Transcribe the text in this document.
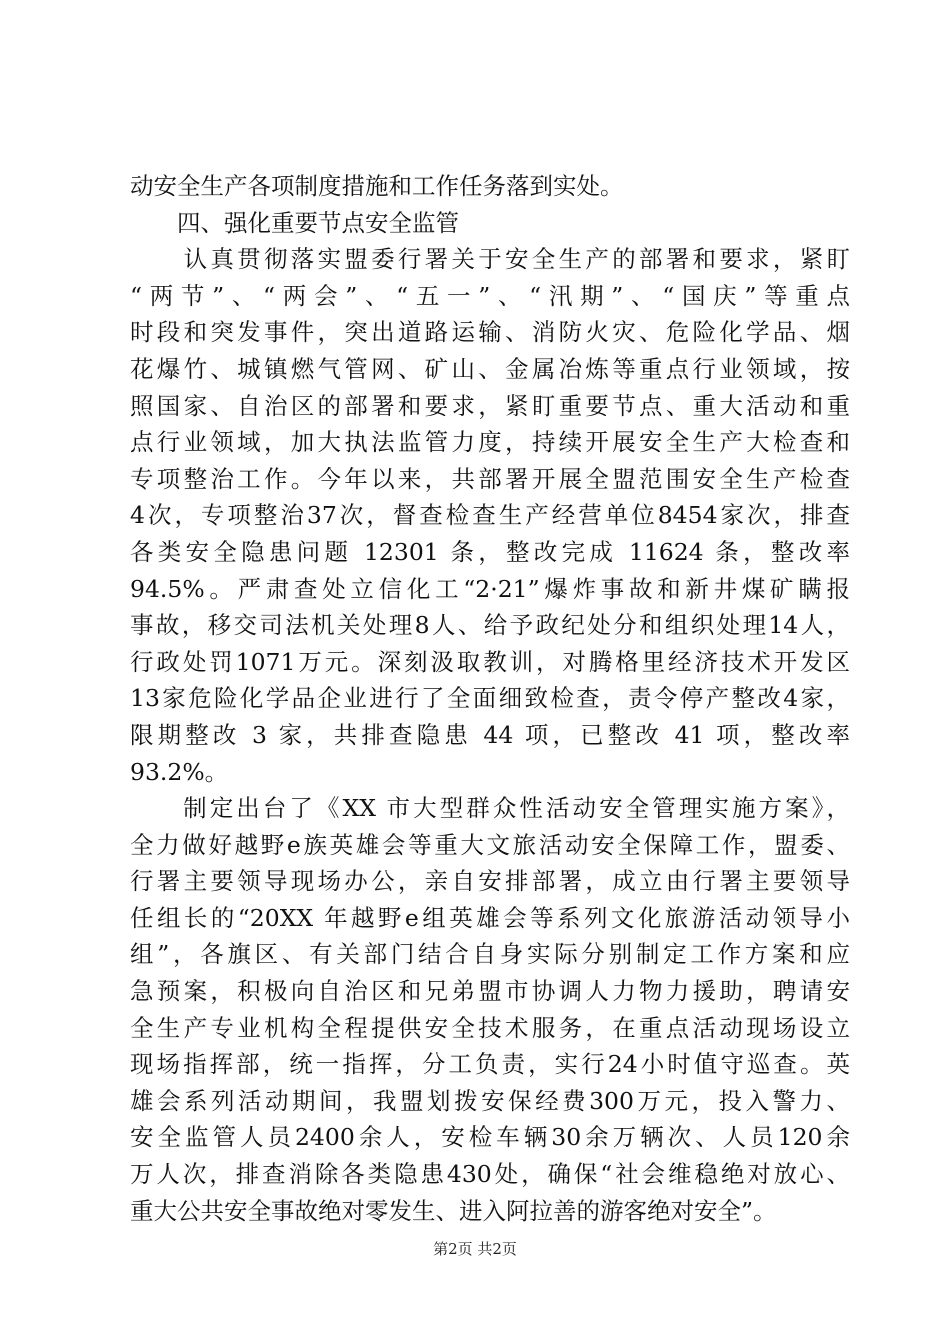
动安全生产各项制度措施和工作任务落到实处。
　　四、强化重要节点安全监管
　　认真贯彻落实盟委行署关于安全生产的部署和要求，紧盯
“两节”、“两会”、“五一”、“汛期”、“国庆”等重点
时段和突发事件，突出道路运输、消防火灾、危险化学品、烟
花爆竹、城镇燃气管网、矿山、金属冶炼等重点行业领域，按
照国家、自治区的部署和要求，紧盯重要节点、重大活动和重
点行业领域，加大执法监管力度，持续开展安全生产大检查和
专项整治工作。今年以来，共部署开展全盟范围安全生产检查
4次，专项整治37次，督查检查生产经营单位8454家次，排查
各类安全隐患问题 12301 条，整改完成 11624 条，整改率
94.5%。严肃查处立信化工“2·21”爆炸事故和新井煤矿瞒报
事故，移交司法机关处理8人、给予政纪处分和组织处理14人，
行政处罚1071万元。深刻汲取教训，对腾格里经济技术开发区
13家危险化学品企业进行了全面细致检查，责令停产整改4家，
限期整改 3 家，共排查隐患 44 项，已整改 41 项，整改率
93.2%。
　　制定出台了《XX 市大型群众性活动安全管理实施方案》，
全力做好越野e族英雄会等重大文旅活动安全保障工作，盟委、
行署主要领导现场办公，亲自安排部署，成立由行署主要领导
任组长的“20XX 年越野e组英雄会等系列文化旅游活动领导小
组”，各旗区、有关部门结合自身实际分别制定工作方案和应
急预案，积极向自治区和兄弟盟市协调人力物力援助，聘请安
全生产专业机构全程提供安全技术服务，在重点活动现场设立
现场指挥部，统一指挥，分工负责，实行24小时值守巡查。英
雄会系列活动期间，我盟划拨安保经费300万元，投入警力、
安全监管人员2400余人，安检车辆30余万辆次、人员120余
万人次，排查消除各类隐患430处，确保“社会维稳绝对放心、
重大公共安全事故绝对零发生、进入阿拉善的游客绝对安全”。
第2页 共2页
